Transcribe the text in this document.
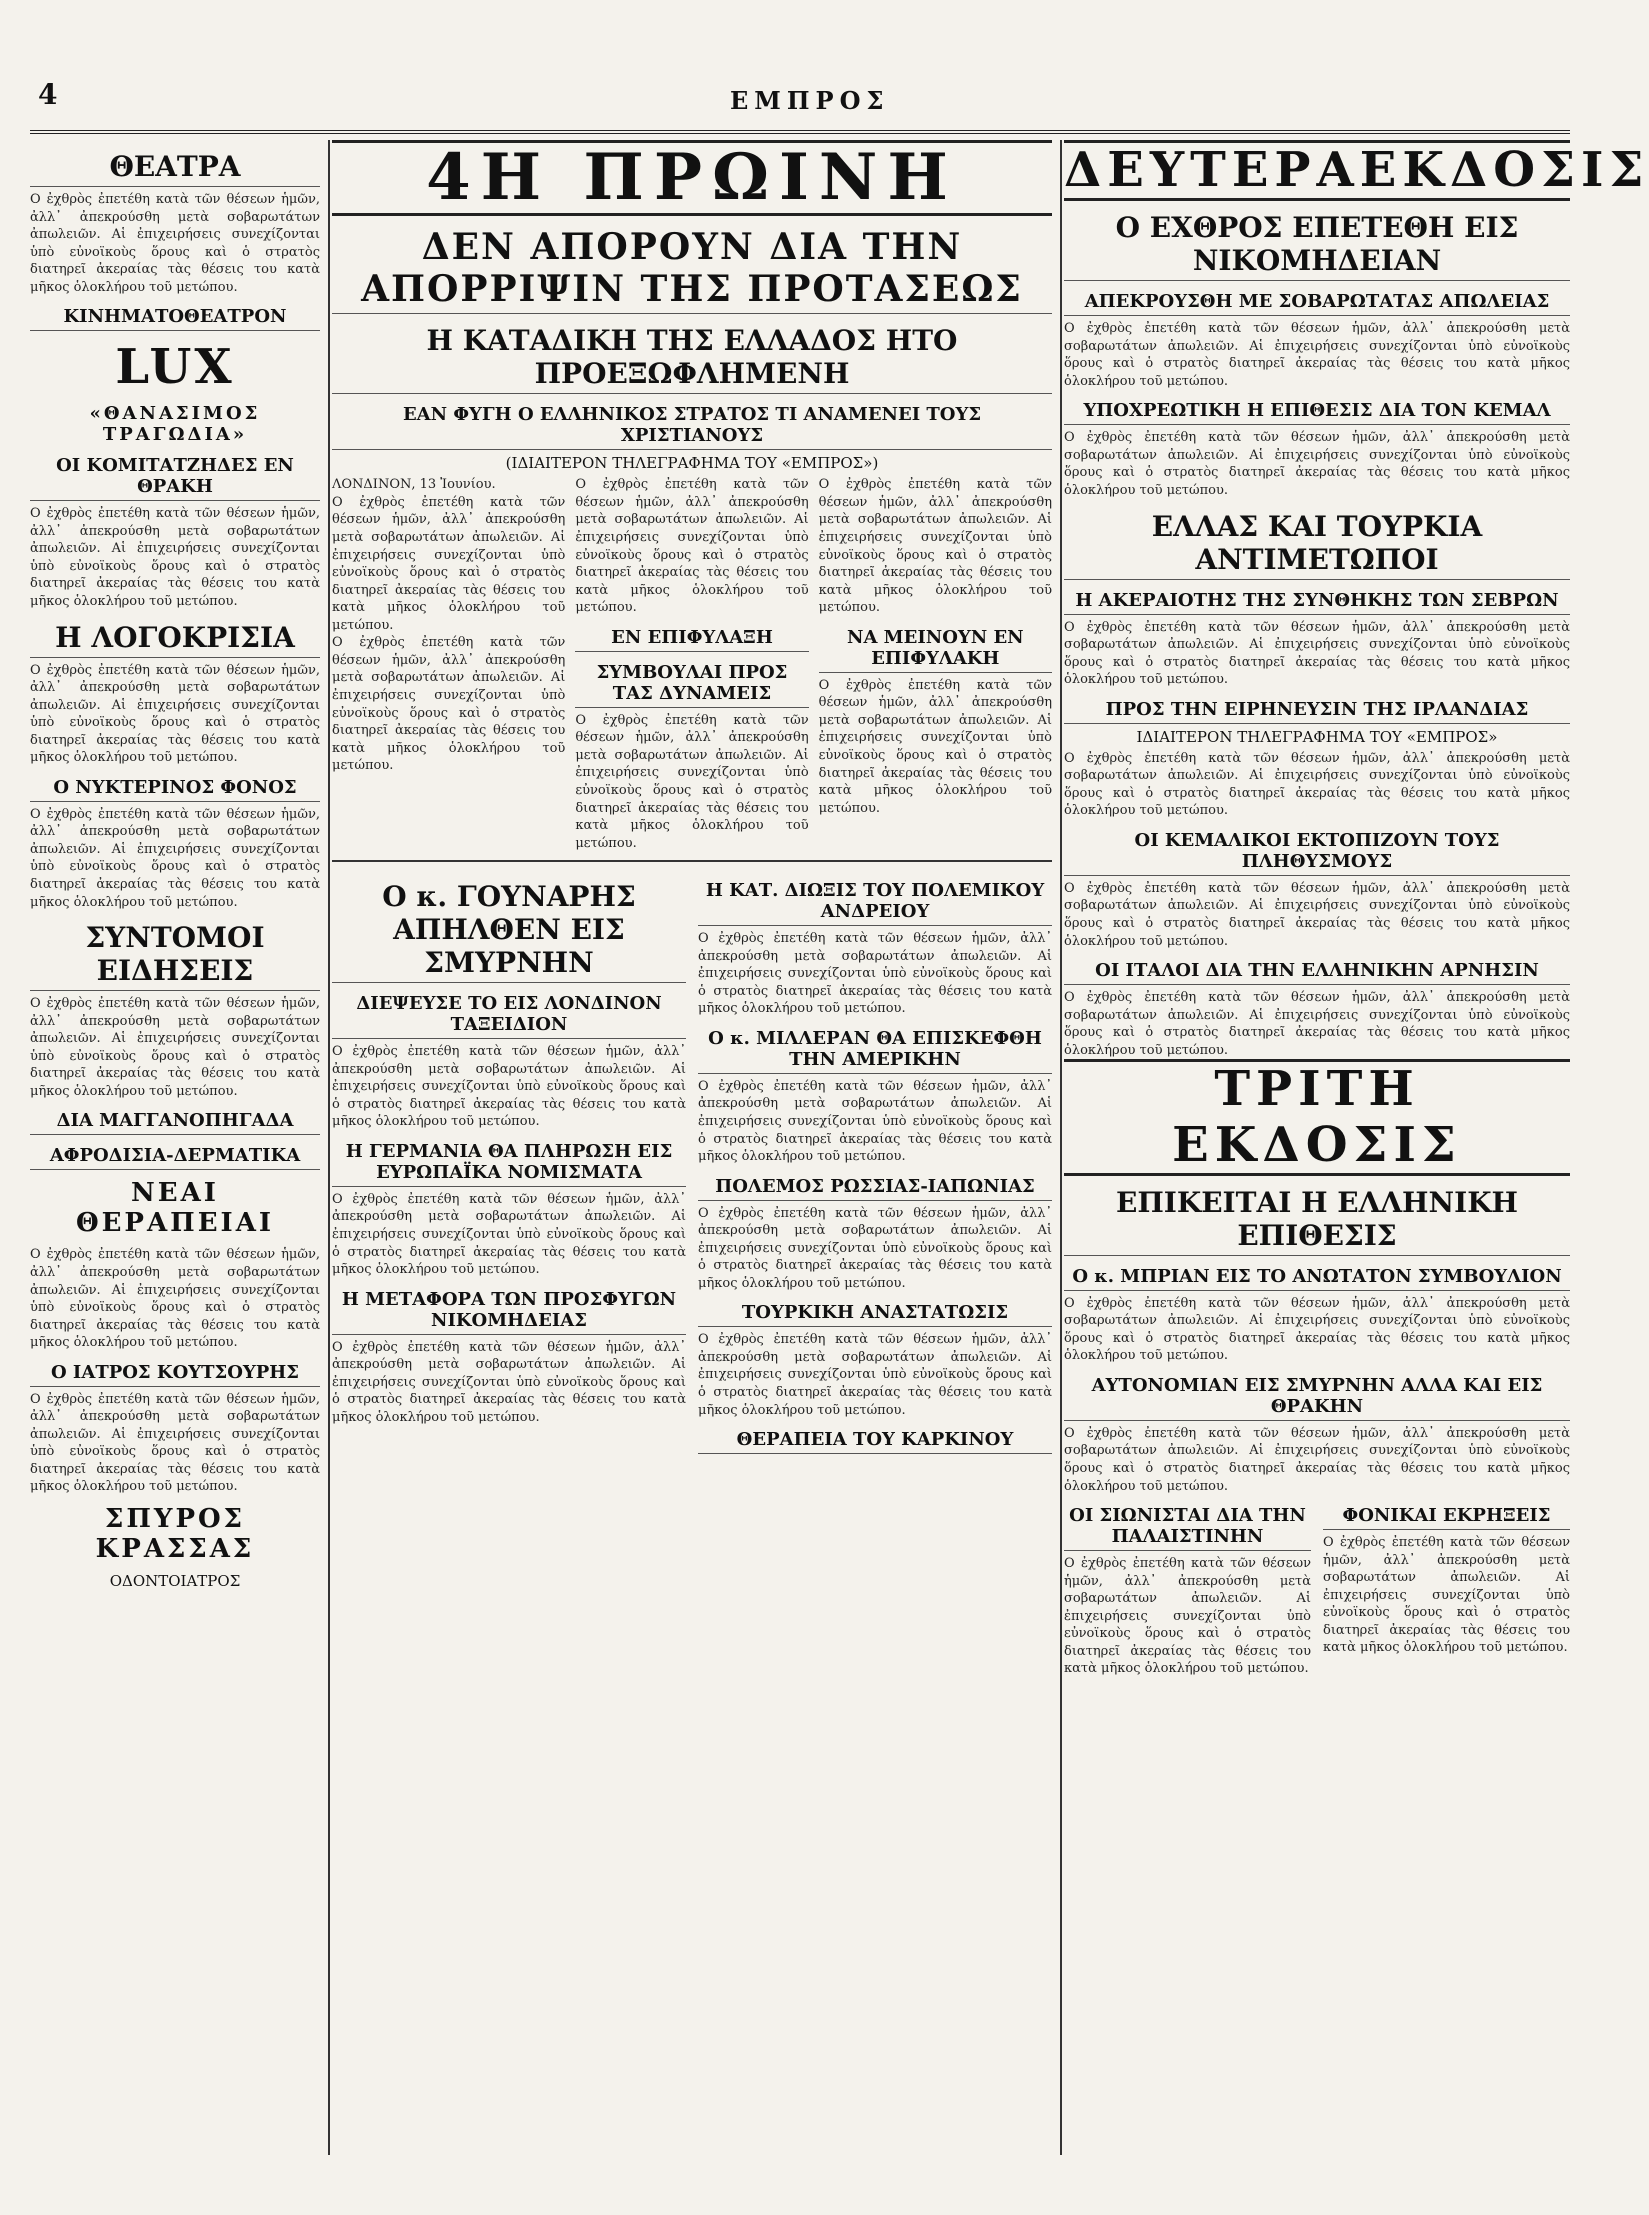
4	ΕΜΠΡΟΣ
ΘΕΑΤΡΑ
Ο ἐχθρὸς ἐπετέθη κατὰ τῶν θέσεων ἡμῶν, ἀλλ᾽ ἀπεκρούσθη μετὰ σοβαρωτάτων ἀπωλειῶν. Αἱ ἐπιχειρήσεις συνεχίζονται ὑπὸ εὐνοϊκοὺς ὅρους καὶ ὁ στρατὸς διατηρεῖ ἀκεραίας τὰς θέσεις του κατὰ μῆκος ὁλοκλήρου τοῦ μετώπου.
ΚΙΝΗΜΑΤΟΘΕΑΤΡΟΝ
LUX
«ΘΑΝΑΣΙΜΟΣ ΤΡΑΓΩΔΙΑ»
ΟΙ ΚΟΜΙΤΑΤΖΗΔΕΣ ΕΝ ΘΡΑΚΗ
Ο ἐχθρὸς ἐπετέθη κατὰ τῶν θέσεων ἡμῶν, ἀλλ᾽ ἀπεκρούσθη μετὰ σοβαρωτάτων ἀπωλειῶν. Αἱ ἐπιχειρήσεις συνεχίζονται ὑπὸ εὐνοϊκοὺς ὅρους καὶ ὁ στρατὸς διατηρεῖ ἀκεραίας τὰς θέσεις του κατὰ μῆκος ὁλοκλήρου τοῦ μετώπου.
Η ΛΟΓΟΚΡΙΣΙΑ
Ο ἐχθρὸς ἐπετέθη κατὰ τῶν θέσεων ἡμῶν, ἀλλ᾽ ἀπεκρούσθη μετὰ σοβαρωτάτων ἀπωλειῶν. Αἱ ἐπιχειρήσεις συνεχίζονται ὑπὸ εὐνοϊκοὺς ὅρους καὶ ὁ στρατὸς διατηρεῖ ἀκεραίας τὰς θέσεις του κατὰ μῆκος ὁλοκλήρου τοῦ μετώπου.
Ο ΝΥΚΤΕΡΙΝΟΣ ΦΟΝΟΣ
Ο ἐχθρὸς ἐπετέθη κατὰ τῶν θέσεων ἡμῶν, ἀλλ᾽ ἀπεκρούσθη μετὰ σοβαρωτάτων ἀπωλειῶν. Αἱ ἐπιχειρήσεις συνεχίζονται ὑπὸ εὐνοϊκοὺς ὅρους καὶ ὁ στρατὸς διατηρεῖ ἀκεραίας τὰς θέσεις του κατὰ μῆκος ὁλοκλήρου τοῦ μετώπου.
ΣΥΝΤΟΜΟΙ ΕΙΔΗΣΕΙΣ
Ο ἐχθρὸς ἐπετέθη κατὰ τῶν θέσεων ἡμῶν, ἀλλ᾽ ἀπεκρούσθη μετὰ σοβαρωτάτων ἀπωλειῶν. Αἱ ἐπιχειρήσεις συνεχίζονται ὑπὸ εὐνοϊκοὺς ὅρους καὶ ὁ στρατὸς διατηρεῖ ἀκεραίας τὰς θέσεις του κατὰ μῆκος ὁλοκλήρου τοῦ μετώπου.
ΔΙΑ ΜΑΓΓΑΝΟΠΗΓΑΔΑ
ΑΦΡΟΔΙΣΙΑ-ΔΕΡΜΑΤΙΚΑ
ΝΕΑΙ ΘΕΡΑΠΕΙΑΙ
Ο ἐχθρὸς ἐπετέθη κατὰ τῶν θέσεων ἡμῶν, ἀλλ᾽ ἀπεκρούσθη μετὰ σοβαρωτάτων ἀπωλειῶν. Αἱ ἐπιχειρήσεις συνεχίζονται ὑπὸ εὐνοϊκοὺς ὅρους καὶ ὁ στρατὸς διατηρεῖ ἀκεραίας τὰς θέσεις του κατὰ μῆκος ὁλοκλήρου τοῦ μετώπου.
Ο ΙΑΤΡΟΣ ΚΟΥΤΣΟΥΡΗΣ
Ο ἐχθρὸς ἐπετέθη κατὰ τῶν θέσεων ἡμῶν, ἀλλ᾽ ἀπεκρούσθη μετὰ σοβαρωτάτων ἀπωλειῶν. Αἱ ἐπιχειρήσεις συνεχίζονται ὑπὸ εὐνοϊκοὺς ὅρους καὶ ὁ στρατὸς διατηρεῖ ἀκεραίας τὰς θέσεις του κατὰ μῆκος ὁλοκλήρου τοῦ μετώπου.
ΣΠΥΡΟΣ ΚΡΑΣΣΑΣ
ΟΔΟΝΤΟΙΑΤΡΟΣ
4Η ΠΡΩΙΝΗ
ΔΕΝ ΑΠΟΡΟΥΝ ΔΙΑ ΤΗΝ ΑΠΟΡΡΙΨΙΝ ΤΗΣ ΠΡΟΤΑΣΕΩΣ
Η ΚΑΤΑΔΙΚΗ ΤΗΣ ΕΛΛΑΔΟΣ ΗΤΟ ΠΡΟΕΞΩΦΛΗΜΕΝΗ
ΕΑΝ ΦΥΓΗ Ο ΕΛΛΗΝΙΚΟΣ ΣΤΡΑΤΟΣ ΤΙ ΑΝΑΜΕΝΕΙ ΤΟΥΣ ΧΡΙΣΤΙΑΝΟΥΣ
(ΙΔΙΑΙΤΕΡΟΝ ΤΗΛΕΓΡΑΦΗΜΑ ΤΟΥ «ΕΜΠΡΟΣ»)
ΛΟΝΔΙΝΟΝ, 13 Ἰουνίου.
Ο ἐχθρὸς ἐπετέθη κατὰ τῶν θέσεων ἡμῶν, ἀλλ᾽ ἀπεκρούσθη μετὰ σοβαρωτάτων ἀπωλειῶν. Αἱ ἐπιχειρήσεις συνεχίζονται ὑπὸ εὐνοϊκοὺς ὅρους καὶ ὁ στρατὸς διατηρεῖ ἀκεραίας τὰς θέσεις του κατὰ μῆκος ὁλοκλήρου τοῦ μετώπου.
Ο ἐχθρὸς ἐπετέθη κατὰ τῶν θέσεων ἡμῶν, ἀλλ᾽ ἀπεκρούσθη μετὰ σοβαρωτάτων ἀπωλειῶν. Αἱ ἐπιχειρήσεις συνεχίζονται ὑπὸ εὐνοϊκοὺς ὅρους καὶ ὁ στρατὸς διατηρεῖ ἀκεραίας τὰς θέσεις του κατὰ μῆκος ὁλοκλήρου τοῦ μετώπου.
Ο ἐχθρὸς ἐπετέθη κατὰ τῶν θέσεων ἡμῶν, ἀλλ᾽ ἀπεκρούσθη μετὰ σοβαρωτάτων ἀπωλειῶν. Αἱ ἐπιχειρήσεις συνεχίζονται ὑπὸ εὐνοϊκοὺς ὅρους καὶ ὁ στρατὸς διατηρεῖ ἀκεραίας τὰς θέσεις του κατὰ μῆκος ὁλοκλήρου τοῦ μετώπου.
ΕΝ ΕΠΙΦΥΛΑΞΗ
ΣΥΜΒΟΥΛΑΙ ΠΡΟΣ ΤΑΣ ΔΥΝΑΜΕΙΣ
Ο ἐχθρὸς ἐπετέθη κατὰ τῶν θέσεων ἡμῶν, ἀλλ᾽ ἀπεκρούσθη μετὰ σοβαρωτάτων ἀπωλειῶν. Αἱ ἐπιχειρήσεις συνεχίζονται ὑπὸ εὐνοϊκοὺς ὅρους καὶ ὁ στρατὸς διατηρεῖ ἀκεραίας τὰς θέσεις του κατὰ μῆκος ὁλοκλήρου τοῦ μετώπου.
Ο ἐχθρὸς ἐπετέθη κατὰ τῶν θέσεων ἡμῶν, ἀλλ᾽ ἀπεκρούσθη μετὰ σοβαρωτάτων ἀπωλειῶν. Αἱ ἐπιχειρήσεις συνεχίζονται ὑπὸ εὐνοϊκοὺς ὅρους καὶ ὁ στρατὸς διατηρεῖ ἀκεραίας τὰς θέσεις του κατὰ μῆκος ὁλοκλήρου τοῦ μετώπου.
ΝΑ ΜΕΙΝΟΥΝ ΕΝ ΕΠΙΦΥΛΑΚΗ
Ο ἐχθρὸς ἐπετέθη κατὰ τῶν θέσεων ἡμῶν, ἀλλ᾽ ἀπεκρούσθη μετὰ σοβαρωτάτων ἀπωλειῶν. Αἱ ἐπιχειρήσεις συνεχίζονται ὑπὸ εὐνοϊκοὺς ὅρους καὶ ὁ στρατὸς διατηρεῖ ἀκεραίας τὰς θέσεις του κατὰ μῆκος ὁλοκλήρου τοῦ μετώπου.
Ο κ. ΓΟΥΝΑΡΗΣ ΑΠΗΛΘΕΝ ΕΙΣ ΣΜΥΡΝΗΝ
ΔΙΕΨΕΥΣΕ ΤΟ ΕΙΣ ΛΟΝΔΙΝΟΝ ΤΑΞΕΙΔΙΟΝ
Ο ἐχθρὸς ἐπετέθη κατὰ τῶν θέσεων ἡμῶν, ἀλλ᾽ ἀπεκρούσθη μετὰ σοβαρωτάτων ἀπωλειῶν. Αἱ ἐπιχειρήσεις συνεχίζονται ὑπὸ εὐνοϊκοὺς ὅρους καὶ ὁ στρατὸς διατηρεῖ ἀκεραίας τὰς θέσεις του κατὰ μῆκος ὁλοκλήρου τοῦ μετώπου.
Η ΓΕΡΜΑΝΙΑ ΘΑ ΠΛΗΡΩΣΗ ΕΙΣ ΕΥΡΩΠΑΪΚΑ ΝΟΜΙΣΜΑΤΑ
Ο ἐχθρὸς ἐπετέθη κατὰ τῶν θέσεων ἡμῶν, ἀλλ᾽ ἀπεκρούσθη μετὰ σοβαρωτάτων ἀπωλειῶν. Αἱ ἐπιχειρήσεις συνεχίζονται ὑπὸ εὐνοϊκοὺς ὅρους καὶ ὁ στρατὸς διατηρεῖ ἀκεραίας τὰς θέσεις του κατὰ μῆκος ὁλοκλήρου τοῦ μετώπου.
Η ΜΕΤΑΦΟΡΑ ΤΩΝ ΠΡΟΣΦΥΓΩΝ ΝΙΚΟΜΗΔΕΙΑΣ
Ο ἐχθρὸς ἐπετέθη κατὰ τῶν θέσεων ἡμῶν, ἀλλ᾽ ἀπεκρούσθη μετὰ σοβαρωτάτων ἀπωλειῶν. Αἱ ἐπιχειρήσεις συνεχίζονται ὑπὸ εὐνοϊκοὺς ὅρους καὶ ὁ στρατὸς διατηρεῖ ἀκεραίας τὰς θέσεις του κατὰ μῆκος ὁλοκλήρου τοῦ μετώπου.
Η ΚΑΤ. ΔΙΩΞΙΣ ΤΟΥ ΠΟΛΕΜΙΚΟΥ ΑΝΔΡΕΙΟΥ
Ο ἐχθρὸς ἐπετέθη κατὰ τῶν θέσεων ἡμῶν, ἀλλ᾽ ἀπεκρούσθη μετὰ σοβαρωτάτων ἀπωλειῶν. Αἱ ἐπιχειρήσεις συνεχίζονται ὑπὸ εὐνοϊκοὺς ὅρους καὶ ὁ στρατὸς διατηρεῖ ἀκεραίας τὰς θέσεις του κατὰ μῆκος ὁλοκλήρου τοῦ μετώπου.
Ο κ. ΜΙΛΛΕΡΑΝ ΘΑ ΕΠΙΣΚΕΦΘΗ ΤΗΝ ΑΜΕΡΙΚΗΝ
Ο ἐχθρὸς ἐπετέθη κατὰ τῶν θέσεων ἡμῶν, ἀλλ᾽ ἀπεκρούσθη μετὰ σοβαρωτάτων ἀπωλειῶν. Αἱ ἐπιχειρήσεις συνεχίζονται ὑπὸ εὐνοϊκοὺς ὅρους καὶ ὁ στρατὸς διατηρεῖ ἀκεραίας τὰς θέσεις του κατὰ μῆκος ὁλοκλήρου τοῦ μετώπου.
ΠΟΛΕΜΟΣ ΡΩΣΣΙΑΣ-ΙΑΠΩΝΙΑΣ
Ο ἐχθρὸς ἐπετέθη κατὰ τῶν θέσεων ἡμῶν, ἀλλ᾽ ἀπεκρούσθη μετὰ σοβαρωτάτων ἀπωλειῶν. Αἱ ἐπιχειρήσεις συνεχίζονται ὑπὸ εὐνοϊκοὺς ὅρους καὶ ὁ στρατὸς διατηρεῖ ἀκεραίας τὰς θέσεις του κατὰ μῆκος ὁλοκλήρου τοῦ μετώπου.
ΤΟΥΡΚΙΚΗ ΑΝΑΣΤΑΤΩΣΙΣ
Ο ἐχθρὸς ἐπετέθη κατὰ τῶν θέσεων ἡμῶν, ἀλλ᾽ ἀπεκρούσθη μετὰ σοβαρωτάτων ἀπωλειῶν. Αἱ ἐπιχειρήσεις συνεχίζονται ὑπὸ εὐνοϊκοὺς ὅρους καὶ ὁ στρατὸς διατηρεῖ ἀκεραίας τὰς θέσεις του κατὰ μῆκος ὁλοκλήρου τοῦ μετώπου.
ΘΕΡΑΠΕΙΑ ΤΟΥ ΚΑΡΚΙΝΟΥ
ΔΕΥΤΕΡΑΕΚΔΟΣΙΣ
Ο ΕΧΘΡΟΣ ΕΠΕΤΕΘΗ ΕΙΣ ΝΙΚΟΜΗΔΕΙΑΝ
ΑΠΕΚΡΟΥΣΘΗ ΜΕ ΣΟΒΑΡΩΤΑΤΑΣ ΑΠΩΛΕΙΑΣ
Ο ἐχθρὸς ἐπετέθη κατὰ τῶν θέσεων ἡμῶν, ἀλλ᾽ ἀπεκρούσθη μετὰ σοβαρωτάτων ἀπωλειῶν. Αἱ ἐπιχειρήσεις συνεχίζονται ὑπὸ εὐνοϊκοὺς ὅρους καὶ ὁ στρατὸς διατηρεῖ ἀκεραίας τὰς θέσεις του κατὰ μῆκος ὁλοκλήρου τοῦ μετώπου.
ΥΠΟΧΡΕΩΤΙΚΗ Η ΕΠΙΘΕΣΙΣ ΔΙΑ ΤΟΝ ΚΕΜΑΛ
Ο ἐχθρὸς ἐπετέθη κατὰ τῶν θέσεων ἡμῶν, ἀλλ᾽ ἀπεκρούσθη μετὰ σοβαρωτάτων ἀπωλειῶν. Αἱ ἐπιχειρήσεις συνεχίζονται ὑπὸ εὐνοϊκοὺς ὅρους καὶ ὁ στρατὸς διατηρεῖ ἀκεραίας τὰς θέσεις του κατὰ μῆκος ὁλοκλήρου τοῦ μετώπου.
ΕΛΛΑΣ ΚΑΙ ΤΟΥΡΚΙΑ ΑΝΤΙΜΕΤΩΠΟΙ
Η ΑΚΕΡΑΙΟΤΗΣ ΤΗΣ ΣΥΝΘΗΚΗΣ ΤΩΝ ΣΕΒΡΩΝ
Ο ἐχθρὸς ἐπετέθη κατὰ τῶν θέσεων ἡμῶν, ἀλλ᾽ ἀπεκρούσθη μετὰ σοβαρωτάτων ἀπωλειῶν. Αἱ ἐπιχειρήσεις συνεχίζονται ὑπὸ εὐνοϊκοὺς ὅρους καὶ ὁ στρατὸς διατηρεῖ ἀκεραίας τὰς θέσεις του κατὰ μῆκος ὁλοκλήρου τοῦ μετώπου.
ΠΡΟΣ ΤΗΝ ΕΙΡΗΝΕΥΣΙΝ ΤΗΣ ΙΡΛΑΝΔΙΑΣ
ΙΔΙΑΙΤΕΡΟΝ ΤΗΛΕΓΡΑΦΗΜΑ ΤΟΥ «ΕΜΠΡΟΣ»
Ο ἐχθρὸς ἐπετέθη κατὰ τῶν θέσεων ἡμῶν, ἀλλ᾽ ἀπεκρούσθη μετὰ σοβαρωτάτων ἀπωλειῶν. Αἱ ἐπιχειρήσεις συνεχίζονται ὑπὸ εὐνοϊκοὺς ὅρους καὶ ὁ στρατὸς διατηρεῖ ἀκεραίας τὰς θέσεις του κατὰ μῆκος ὁλοκλήρου τοῦ μετώπου.
ΟΙ ΚΕΜΑΛΙΚΟΙ ΕΚΤΟΠΙΖΟΥΝ ΤΟΥΣ ΠΛΗΘΥΣΜΟΥΣ
Ο ἐχθρὸς ἐπετέθη κατὰ τῶν θέσεων ἡμῶν, ἀλλ᾽ ἀπεκρούσθη μετὰ σοβαρωτάτων ἀπωλειῶν. Αἱ ἐπιχειρήσεις συνεχίζονται ὑπὸ εὐνοϊκοὺς ὅρους καὶ ὁ στρατὸς διατηρεῖ ἀκεραίας τὰς θέσεις του κατὰ μῆκος ὁλοκλήρου τοῦ μετώπου.
ΟΙ ΙΤΑΛΟΙ ΔΙΑ ΤΗΝ ΕΛΛΗΝΙΚΗΝ ΑΡΝΗΣΙΝ
Ο ἐχθρὸς ἐπετέθη κατὰ τῶν θέσεων ἡμῶν, ἀλλ᾽ ἀπεκρούσθη μετὰ σοβαρωτάτων ἀπωλειῶν. Αἱ ἐπιχειρήσεις συνεχίζονται ὑπὸ εὐνοϊκοὺς ὅρους καὶ ὁ στρατὸς διατηρεῖ ἀκεραίας τὰς θέσεις του κατὰ μῆκος ὁλοκλήρου τοῦ μετώπου.
ΤΡΙΤΗ ΕΚΔΟΣΙΣ
ΕΠΙΚΕΙΤΑΙ Η ΕΛΛΗΝΙΚΗ ΕΠΙΘΕΣΙΣ
Ο κ. ΜΠΡΙΑΝ ΕΙΣ ΤΟ ΑΝΩΤΑΤΟΝ ΣΥΜΒΟΥΛΙΟΝ
Ο ἐχθρὸς ἐπετέθη κατὰ τῶν θέσεων ἡμῶν, ἀλλ᾽ ἀπεκρούσθη μετὰ σοβαρωτάτων ἀπωλειῶν. Αἱ ἐπιχειρήσεις συνεχίζονται ὑπὸ εὐνοϊκοὺς ὅρους καὶ ὁ στρατὸς διατηρεῖ ἀκεραίας τὰς θέσεις του κατὰ μῆκος ὁλοκλήρου τοῦ μετώπου.
ΑΥΤΟΝΟΜΙΑΝ ΕΙΣ ΣΜΥΡΝΗΝ ΑΛΛΑ ΚΑΙ ΕΙΣ ΘΡΑΚΗΝ
Ο ἐχθρὸς ἐπετέθη κατὰ τῶν θέσεων ἡμῶν, ἀλλ᾽ ἀπεκρούσθη μετὰ σοβαρωτάτων ἀπωλειῶν. Αἱ ἐπιχειρήσεις συνεχίζονται ὑπὸ εὐνοϊκοὺς ὅρους καὶ ὁ στρατὸς διατηρεῖ ἀκεραίας τὰς θέσεις του κατὰ μῆκος ὁλοκλήρου τοῦ μετώπου.
ΟΙ ΣΙΩΝΙΣΤΑΙ ΔΙΑ ΤΗΝ ΠΑΛΑΙΣΤΙΝΗΝ
Ο ἐχθρὸς ἐπετέθη κατὰ τῶν θέσεων ἡμῶν, ἀλλ᾽ ἀπεκρούσθη μετὰ σοβαρωτάτων ἀπωλειῶν. Αἱ ἐπιχειρήσεις συνεχίζονται ὑπὸ εὐνοϊκοὺς ὅρους καὶ ὁ στρατὸς διατηρεῖ ἀκεραίας τὰς θέσεις του κατὰ μῆκος ὁλοκλήρου τοῦ μετώπου.
ΦΟΝΙΚΑΙ ΕΚΡΗΞΕΙΣ
Ο ἐχθρὸς ἐπετέθη κατὰ τῶν θέσεων ἡμῶν, ἀλλ᾽ ἀπεκρούσθη μετὰ σοβαρωτάτων ἀπωλειῶν. Αἱ ἐπιχειρήσεις συνεχίζονται ὑπὸ εὐνοϊκοὺς ὅρους καὶ ὁ στρατὸς διατηρεῖ ἀκεραίας τὰς θέσεις του κατὰ μῆκος ὁλοκλήρου τοῦ μετώπου.
